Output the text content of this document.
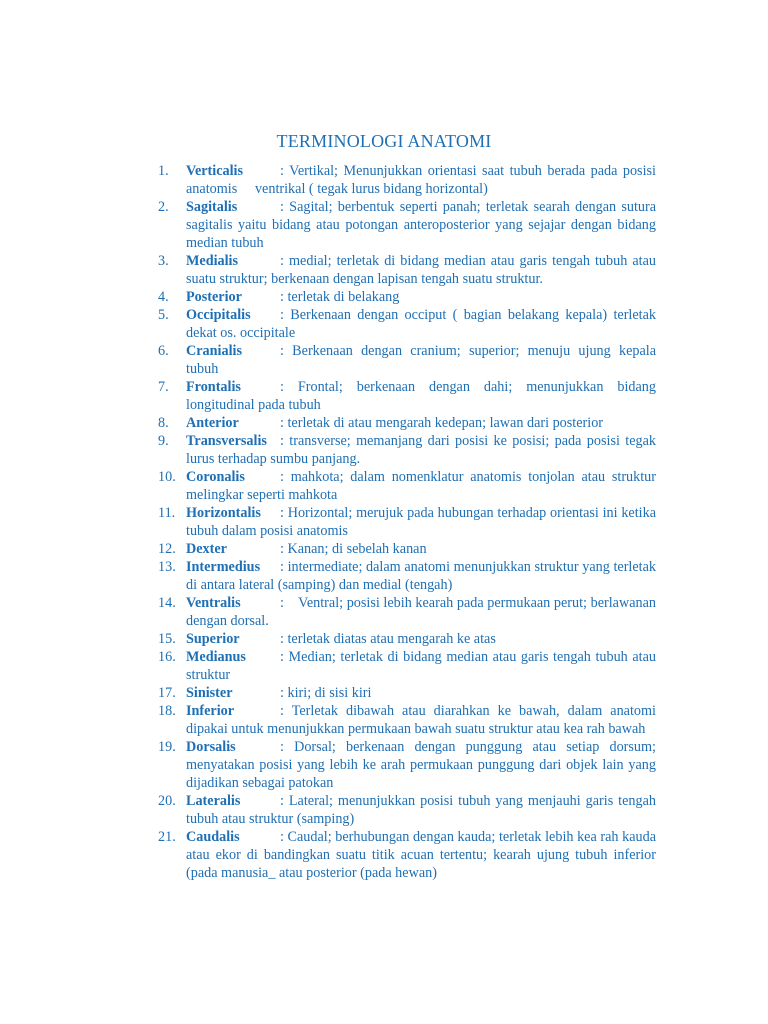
TERMINOLOGI ANATOMI
1. Verticalis	: Vertikal; Menunjukkan orientasi saat tubuh berada pada posisi anatomis     ventrikal ( tegak lurus bidang horizontal)
2. Sagitalis	: Sagital; berbentuk seperti panah; terletak searah dengan sutura sagitalis yaitu bidang atau potongan anteroposterior yang sejajar dengan bidang median tubuh
3. Medialis	: medial; terletak di bidang median atau garis tengah tubuh atau suatu struktur; berkenaan dengan lapisan tengah suatu struktur.
4. Posterior	: terletak di belakang
5. Occipitalis : Berkenaan dengan occiput ( bagian belakang kepala) terletak dekat os. occipitale
6. Cranialis	: Berkenaan dengan cranium; superior; menuju ujung kepala tubuh
7. Frontalis	: Frontal; berkenaan dengan dahi; menunjukkan bidang longitudinal pada tubuh
8. Anterior	: terletak di atau mengarah kedepan; lawan dari posterior
9. Transversalis : transverse; memanjang dari posisi ke posisi; pada posisi tegak lurus terhadap sumbu panjang.
10. Coronalis : mahkota; dalam nomenklatur anatomis tonjolan atau struktur melingkar seperti mahkota
11. Horizontalis : Horizontal; merujuk pada hubungan terhadap orientasi ini ketika tubuh dalam posisi anatomis
12. Dexter	: Kanan; di sebelah kanan
13. Intermedius : intermediate; dalam anatomi menunjukkan struktur yang terletak di antara lateral (samping) dan medial (tengah)
14. Ventralis	:    Ventral; posisi lebih kearah pada permukaan perut; berlawanan dengan dorsal.
15. Superior	: terletak diatas atau mengarah ke atas
16. Medianus : Median; terletak di bidang median atau garis tengah tubuh atau struktur
17. Sinister	: kiri; di sisi kiri
18. Inferior	: Terletak dibawah atau diarahkan ke bawah, dalam anatomi dipakai untuk menunjukkan permukaan bawah suatu struktur atau kea rah bawah
19. Dorsalis	: Dorsal; berkenaan dengan punggung atau setiap dorsum; menyatakan posisi yang lebih ke arah permukaan punggung dari objek lain yang dijadikan sebagai patokan
20. Lateralis	: Lateral; menunjukkan posisi tubuh yang menjauhi garis tengah tubuh atau struktur (samping)
21. Caudalis	: Caudal; berhubungan dengan kauda; terletak lebih kea rah kauda atau ekor di bandingkan suatu titik acuan tertentu; kearah ujung tubuh inferior (pada manusia_ atau posterior (pada hewan)
